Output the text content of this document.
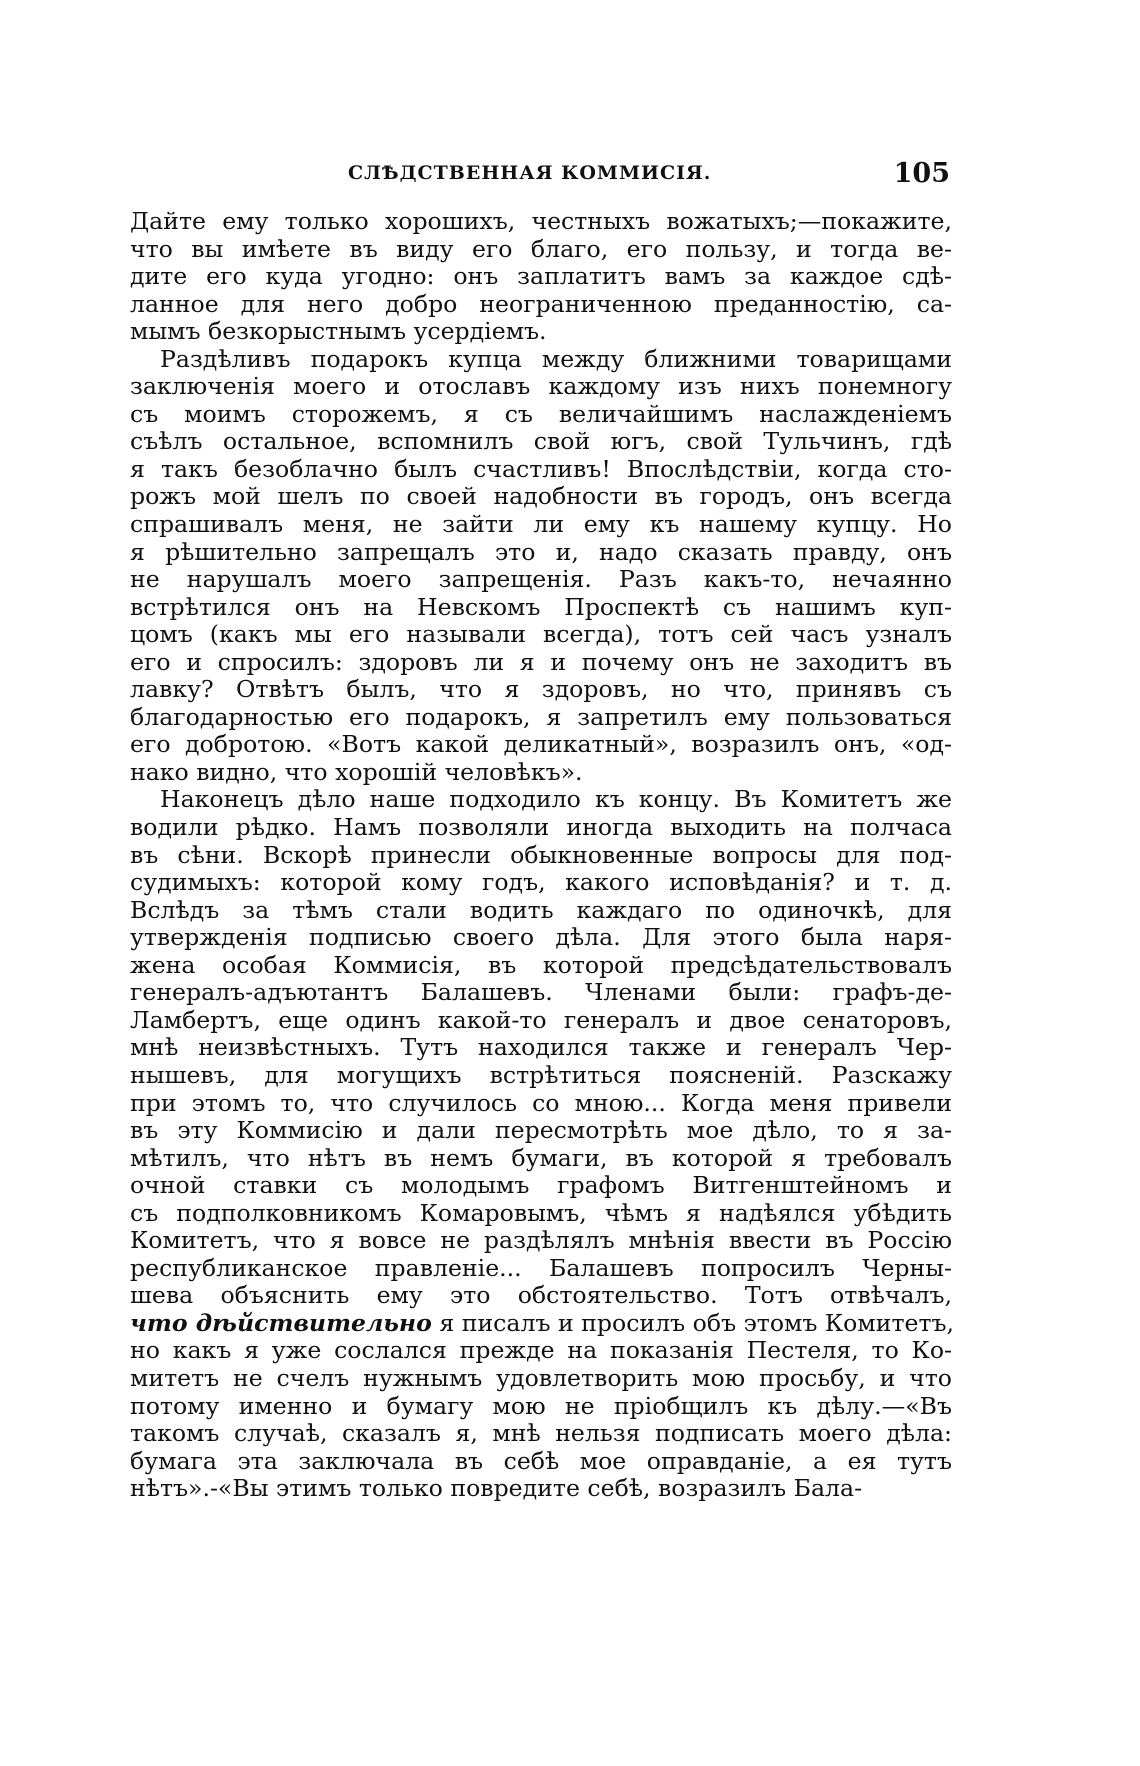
СЛѢДСТВЕННАЯ КОММИСІЯ.	105
Дайте ему только хорошихъ, честныхъ вожатыхъ;—покажите,
что вы имѣете въ виду его благо, его пользу, и тогда ве-
дите его куда угодно: онъ заплатитъ вамъ за каждое сдѣ-
ланное для него добро неограниченною преданностію, са-
мымъ безкорыстнымъ усердіемъ.
Раздѣливъ подарокъ купца между ближними товарищами
заключенія моего и отославъ каждому изъ нихъ понемногу
съ моимъ сторожемъ, я съ величайшимъ наслажденіемъ
съѣлъ остальное, вспомнилъ свой югъ, свой Тульчинъ, гдѣ
я такъ безоблачно былъ счастливъ! Впослѣдствіи, когда сто-
рожъ мой шелъ по своей надобности въ городъ, онъ всегда
спрашивалъ меня, не зайти ли ему къ нашему купцу. Но
я рѣшительно запрещалъ это и, надо сказать правду, онъ
не нарушалъ моего запрещенія. Разъ какъ-то, нечаянно
встрѣтился онъ на Невскомъ Проспектѣ съ нашимъ куп-
цомъ (какъ мы его называли всегда), тотъ сей часъ узналъ
его и спросилъ: здоровъ ли я и почему онъ не заходитъ въ
лавку? Отвѣтъ былъ, что я здоровъ, но что, принявъ съ
благодарностью его подарокъ, я запретилъ ему пользоваться
его добротою. «Вотъ какой деликатный», возразилъ онъ, «од-
нако видно, что хорошій человѣкъ».
Наконецъ дѣло наше подходило къ концу. Въ Комитетъ же
водили рѣдко. Намъ позволяли иногда выходить на полчаса
въ сѣни. Вскорѣ принесли обыкновенные вопросы для под-
судимыхъ: которой кому годъ, какого исповѣданія? и т. д.
Вслѣдъ за тѣмъ стали водить каждаго по одиночкѣ, для
утвержденія подписью своего дѣла. Для этого была наря-
жена особая Коммисія, въ которой предсѣдательствовалъ
генералъ-адъютантъ Балашевъ. Членами были: графъ-де-
Ламбертъ, еще одинъ какой-то генералъ и двое сенаторовъ,
мнѣ неизвѣстныхъ. Тутъ находился также и генералъ Чер-
нышевъ, для могущихъ встрѣтиться поясненій. Разскажу
при этомъ то, что случилось со мною... Когда меня привели
въ эту Коммисію и дали пересмотрѣть мое дѣло, то я за-
мѣтилъ, что нѣтъ въ немъ бумаги, въ которой я требовалъ
очной ставки съ молодымъ графомъ Витгенштейномъ и
съ подполковникомъ Комаровымъ, чѣмъ я надѣялся убѣдить
Комитетъ, что я вовсе не раздѣлялъ мнѣнія ввести въ Россію
республиканское правленіе... Балашевъ попросилъ Черны-
шева объяснить ему это обстоятельство. Тотъ отвѣчалъ,
что дѣйствительно я писалъ и просилъ объ этомъ Комитетъ,
но какъ я уже сослался прежде на показанія Пестеля, то Ко-
митетъ не счелъ нужнымъ удовлетворить мою просьбу, и что
потому именно и бумагу мою не пріобщилъ къ дѣлу.—«Въ
такомъ случаѣ, сказалъ я, мнѣ нельзя подписать моего дѣла:
бумага эта заключала въ себѣ мое оправданіе, а ея тутъ
нѣтъ».-«Вы этимъ только повредите себѣ, возразилъ Бала-
